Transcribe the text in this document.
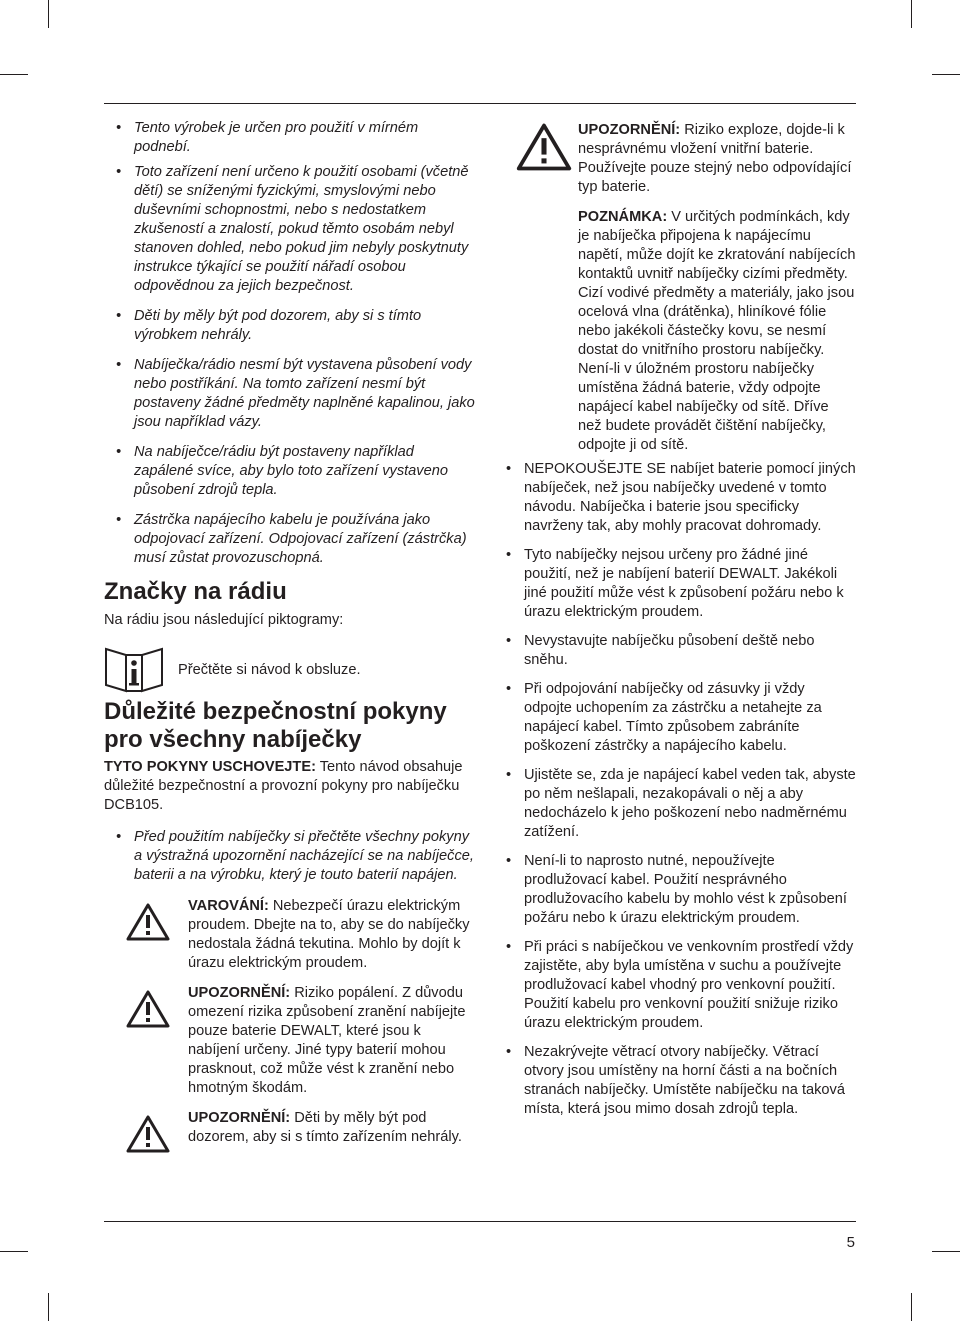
• Tento výrobek je určen pro použití v mírném podnebí.
• Toto zařízení není určeno k použití osobami (včetně dětí) se sníženými fyzickými, smyslovými nebo duševními schopnostmi, nebo s nedostatkem zkušeností a znalostí, pokud těmto osobám nebyl stanoven dohled, nebo pokud jim nebyly poskytnuty instrukce týkající se použití nářadí osobou odpovědnou za jejich bezpečnost.
• Děti by měly být pod dozorem, aby si s tímto výrobkem nehrály.
• Nabíječka/rádio nesmí být vystavena působení vody nebo postříkání. Na tomto zařízení nesmí být postaveny žádné předměty naplněné kapalinou, jako jsou například vázy.
• Na nabíječce/rádiu být postaveny například zapálené svíce, aby bylo toto zařízení vystaveno působení zdrojů tepla.
• Zástrčka napájecího kabelu je používána jako odpojovací zařízení. Odpojovací zařízení (zástrčka) musí zůstat provozuschopná.
Značky na rádiu
Na rádiu jsou následující piktogramy:
Přečtěte si návod k obsluze.
Důležité bezpečnostní pokyny
pro všechny nabíječky
TYTO POKYNY USCHOVEJTE: Tento návod obsahuje důležité bezpečnostní a provozní pokyny pro nabíječku DCB105.
• Před použitím nabíječky si přečtěte všechny pokyny a výstražná upozornění nacházející se na nabíječce, baterii a na výrobku, který je touto baterií napájen.
VAROVÁNÍ: Nebezpečí úrazu elektrickým proudem. Dbejte na to, aby se do nabíječky nedostala žádná tekutina. Mohlo by dojít k úrazu elektrickým proudem.
UPOZORNĚNÍ: Riziko popálení. Z důvodu omezení rizika způsobení zranění nabíjejte pouze baterie DEWALT, které jsou k nabíjení určeny. Jiné typy baterií mohou prasknout, což může vést k zranění nebo hmotným škodám.
UPOZORNĚNÍ: Děti by měly být pod dozorem, aby si s tímto zařízením nehrály.
UPOZORNĚNÍ: Riziko exploze, dojde-li k nesprávnému vložení vnitřní baterie. Používejte pouze stejný nebo odpovídající typ baterie.
POZNÁMKA: V určitých podmínkách, kdy je nabíječka připojena k napájecímu napětí, může dojít ke zkratování nabíjecích kontaktů uvnitř nabíječky cizími předměty. Cizí vodivé předměty a materiály, jako jsou ocelová vlna (drátěnka), hliníkové fólie nebo jakékoli částečky kovu, se nesmí dostat do vnitřního prostoru nabíječky. Není-li v úložném prostoru nabíječky umístěna žádná baterie, vždy odpojte napájecí kabel nabíječky od sítě. Dříve než budete provádět čištění nabíječky, odpojte ji od sítě.
• NEPOKOUŠEJTE SE nabíjet baterie pomocí jiných nabíječek, než jsou nabíječky uvedené v tomto návodu. Nabíječka i baterie jsou specificky navrženy tak, aby mohly pracovat dohromady.
• Tyto nabíječky nejsou určeny pro žádné jiné použití, než je nabíjení baterií DEWALT. Jakékoli jiné použití může vést k způsobení požáru nebo k úrazu elektrickým proudem.
• Nevystavujte nabíječku působení deště nebo sněhu.
• Při odpojování nabíječky od zásuvky ji vždy odpojte uchopením za zástrčku a netahejte za napájecí kabel. Tímto způsobem zabráníte poškození zástrčky a napájecího kabelu.
• Ujistěte se, zda je napájecí kabel veden tak, abyste po něm nešlapali, nezakopávali o něj a aby nedocházelo k jeho poškození nebo nadměrnému zatížení.
• Není-li to naprosto nutné, nepoužívejte prodlužovací kabel. Použití nesprávného prodlužovacího kabelu by mohlo vést k způsobení požáru nebo k úrazu elektrickým proudem.
• Při práci s nabíječkou ve venkovním prostředí vždy zajistěte, aby byla umístěna v suchu a používejte prodlužovací kabel vhodný pro venkovní použití. Použití kabelu pro venkovní použití snižuje riziko úrazu elektrickým proudem.
• Nezakrývejte větrací otvory nabíječky. Větrací otvory jsou umístěny na horní části a na bočních stranách nabíječky. Umístěte nabíječku na taková místa, která jsou mimo dosah zdrojů tepla.
5
